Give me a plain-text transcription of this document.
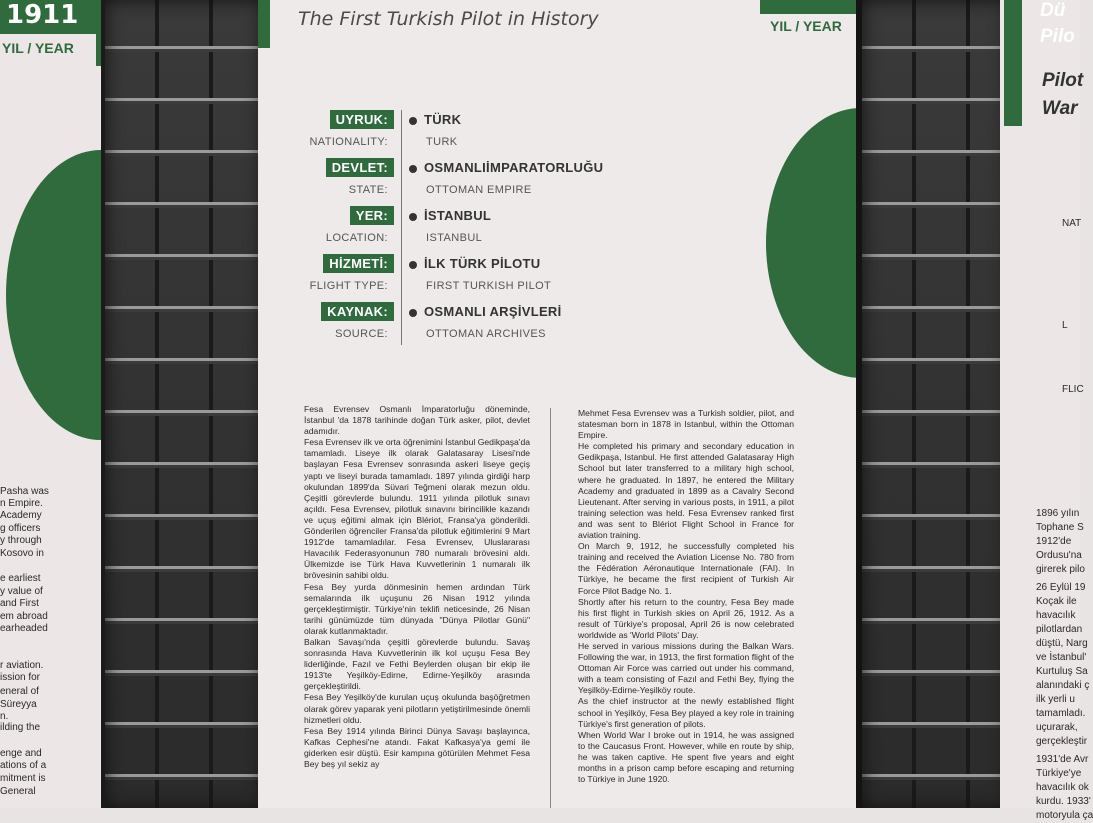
1911
YIL / YEAR
Pasha was
n Empire.
Academy
g officers
y through
Kosovo in
e earliest
y value of
and First
em abroad
earheaded
r aviation.
ission for
eneral of
Süreyya
n.
ilding the
enge and
ations of a
mitment is
General
The First Turkish Pilot in History
UYRUK:
NATIONALITY:
TÜRK
TURK
DEVLET:
STATE:
OSMANLIİMPARATORLUĞU
OTTOMAN EMPIRE
YER:
LOCATION:
İSTANBUL
ISTANBUL
HİZMETİ:
FLIGHT TYPE:
İLK TÜRK PİLOTU
FIRST TURKISH PILOT
KAYNAK:
SOURCE:
OSMANLI ARŞİVLERİ
OTTOMAN ARCHIVES

Fesa Evrensev Osmanlı İmparatorluğu döneminde, İstanbul 'da 1878 tarihinde doğan Türk asker, pilot, devlet adamıdır.

Fesa Evrensev ilk ve orta öğrenimini İstanbul Gedikpaşa'da tamamladı. Liseye ilk olarak Galatasaray Lisesi'nde başlayan Fesa Evrensev sonrasında askeri liseye geçiş yaptı ve liseyi burada tamamladı. 1897 yılında girdiği harp okulundan 1899'da Süvari Teğmeni olarak mezun oldu. Çeşitli görevlerde bulundu. 1911 yılında pilotluk sınavı açıldı. Fesa Evrensev, pilotluk sınavını birincilikle kazandı ve uçuş eğitimi almak için Blériot, Fransa'ya gönderildi. Gönderilen öğrenciler Fransa'da pilotluk eğitimlerini 9 Mart 1912'de tamamladılar. Fesa Evrensev, Uluslararası Havacılık Federasyonunun 780 numaralı brövesini aldı. Ülkemizde ise Türk Hava Kuvvetlerinin 1 numaralı ilk brövesinin sahibi oldu.

Fesa Bey yurda dönmesinin hemen ardından Türk semalarında ilk uçuşunu 26 Nisan 1912 yılında gerçekleştirmiştir. Türkiye'nin teklifi neticesinde, 26 Nisan tarihi günümüzde tüm dünyada "Dünya Pilotlar Günü" olarak kutlanmaktadır.

Balkan Savaşı'nda çeşitli görevlerde bulundu. Savaş sonrasında Hava Kuvvetlerinin ilk kol uçuşu Fesa Bey liderliğinde, Fazıl ve Fethi Beylerden oluşan bir ekip ile 1913'te Yeşilköy-Edirne, Edirne-Yeşilköy arasında gerçekleştirildi.

Fesa Bey Yeşilköy'de kurulan uçuş okulunda başöğretmen olarak görev yaparak yeni pilotların yetiştirilmesinde önemli hizmetleri oldu.

Fesa Bey 1914 yılında Birinci Dünya Savaşı başlayınca, Kafkas Cephesi'ne atandı. Fakat Kafkasya'ya gemi ile giderken esir düştü. Esir kampına götürülen Mehmet Fesa Bey beş yıl sekiz ay

Mehmet Fesa Evrensev was a Turkish soldier, pilot, and statesman born in 1878 in Istanbul, within the Ottoman Empire.

He completed his primary and secondary education in Gedikpaşa, Istanbul. He first attended Galatasaray High School but later transferred to a military high school, where he graduated. In 1897, he entered the Military Academy and graduated in 1899 as a Cavalry Second Lieutenant. After serving in various posts, in 1911, a pilot training selection was held. Fesa Evrensev ranked first and was sent to Blériot Flight School in France for aviation training.

On March 9, 1912, he successfully completed his training and received the Aviation License No. 780 from the Fédération Aéronautique Internationale (FAI). In Türkiye, he became the first recipient of Turkish Air Force Pilot Badge No. 1.

Shortly after his return to the country, Fesa Bey made his first flight in Turkish skies on April 26, 1912. As a result of Türkiye's proposal, April 26 is now celebrated worldwide as 'World Pilots' Day.

He served in various missions during the Balkan Wars. Following the war, in 1913, the first formation flight of the Ottoman Air Force was carried out under his command, with a team consisting of Fazıl and Fethi Bey, flying the Yeşilköy-Edirne-Yeşilköy route.

As the chief instructor at the newly established flight school in Yeşilköy, Fesa Bey played a key role in training Türkiye's first generation of pilots.

When World War I broke out in 1914, he was assigned to the Caucasus Front. However, while en route by ship, he was taken captive. He spent five years and eight months in a prison camp before escaping and returning to Türkiye in June 1920.

YIL / YEAR
Dü
Pilo
Pilot
War
NAT
L
FLIC
1896 yılın
Tophane S
1912'de
Ordusu'na
girerek pilo
26 Eylül 19
Koçak ile
havacılık
pilotlardan
düştü, Narg
ve İstanbul'
Kurtuluş Sa
alanındaki ç
ilk yerli u
tamamladı.
uçurarak,
gerçekleştir
1931'de Avr
Türkiye'ye
havacılık ok
kurdu. 1933'
motoryula ça
